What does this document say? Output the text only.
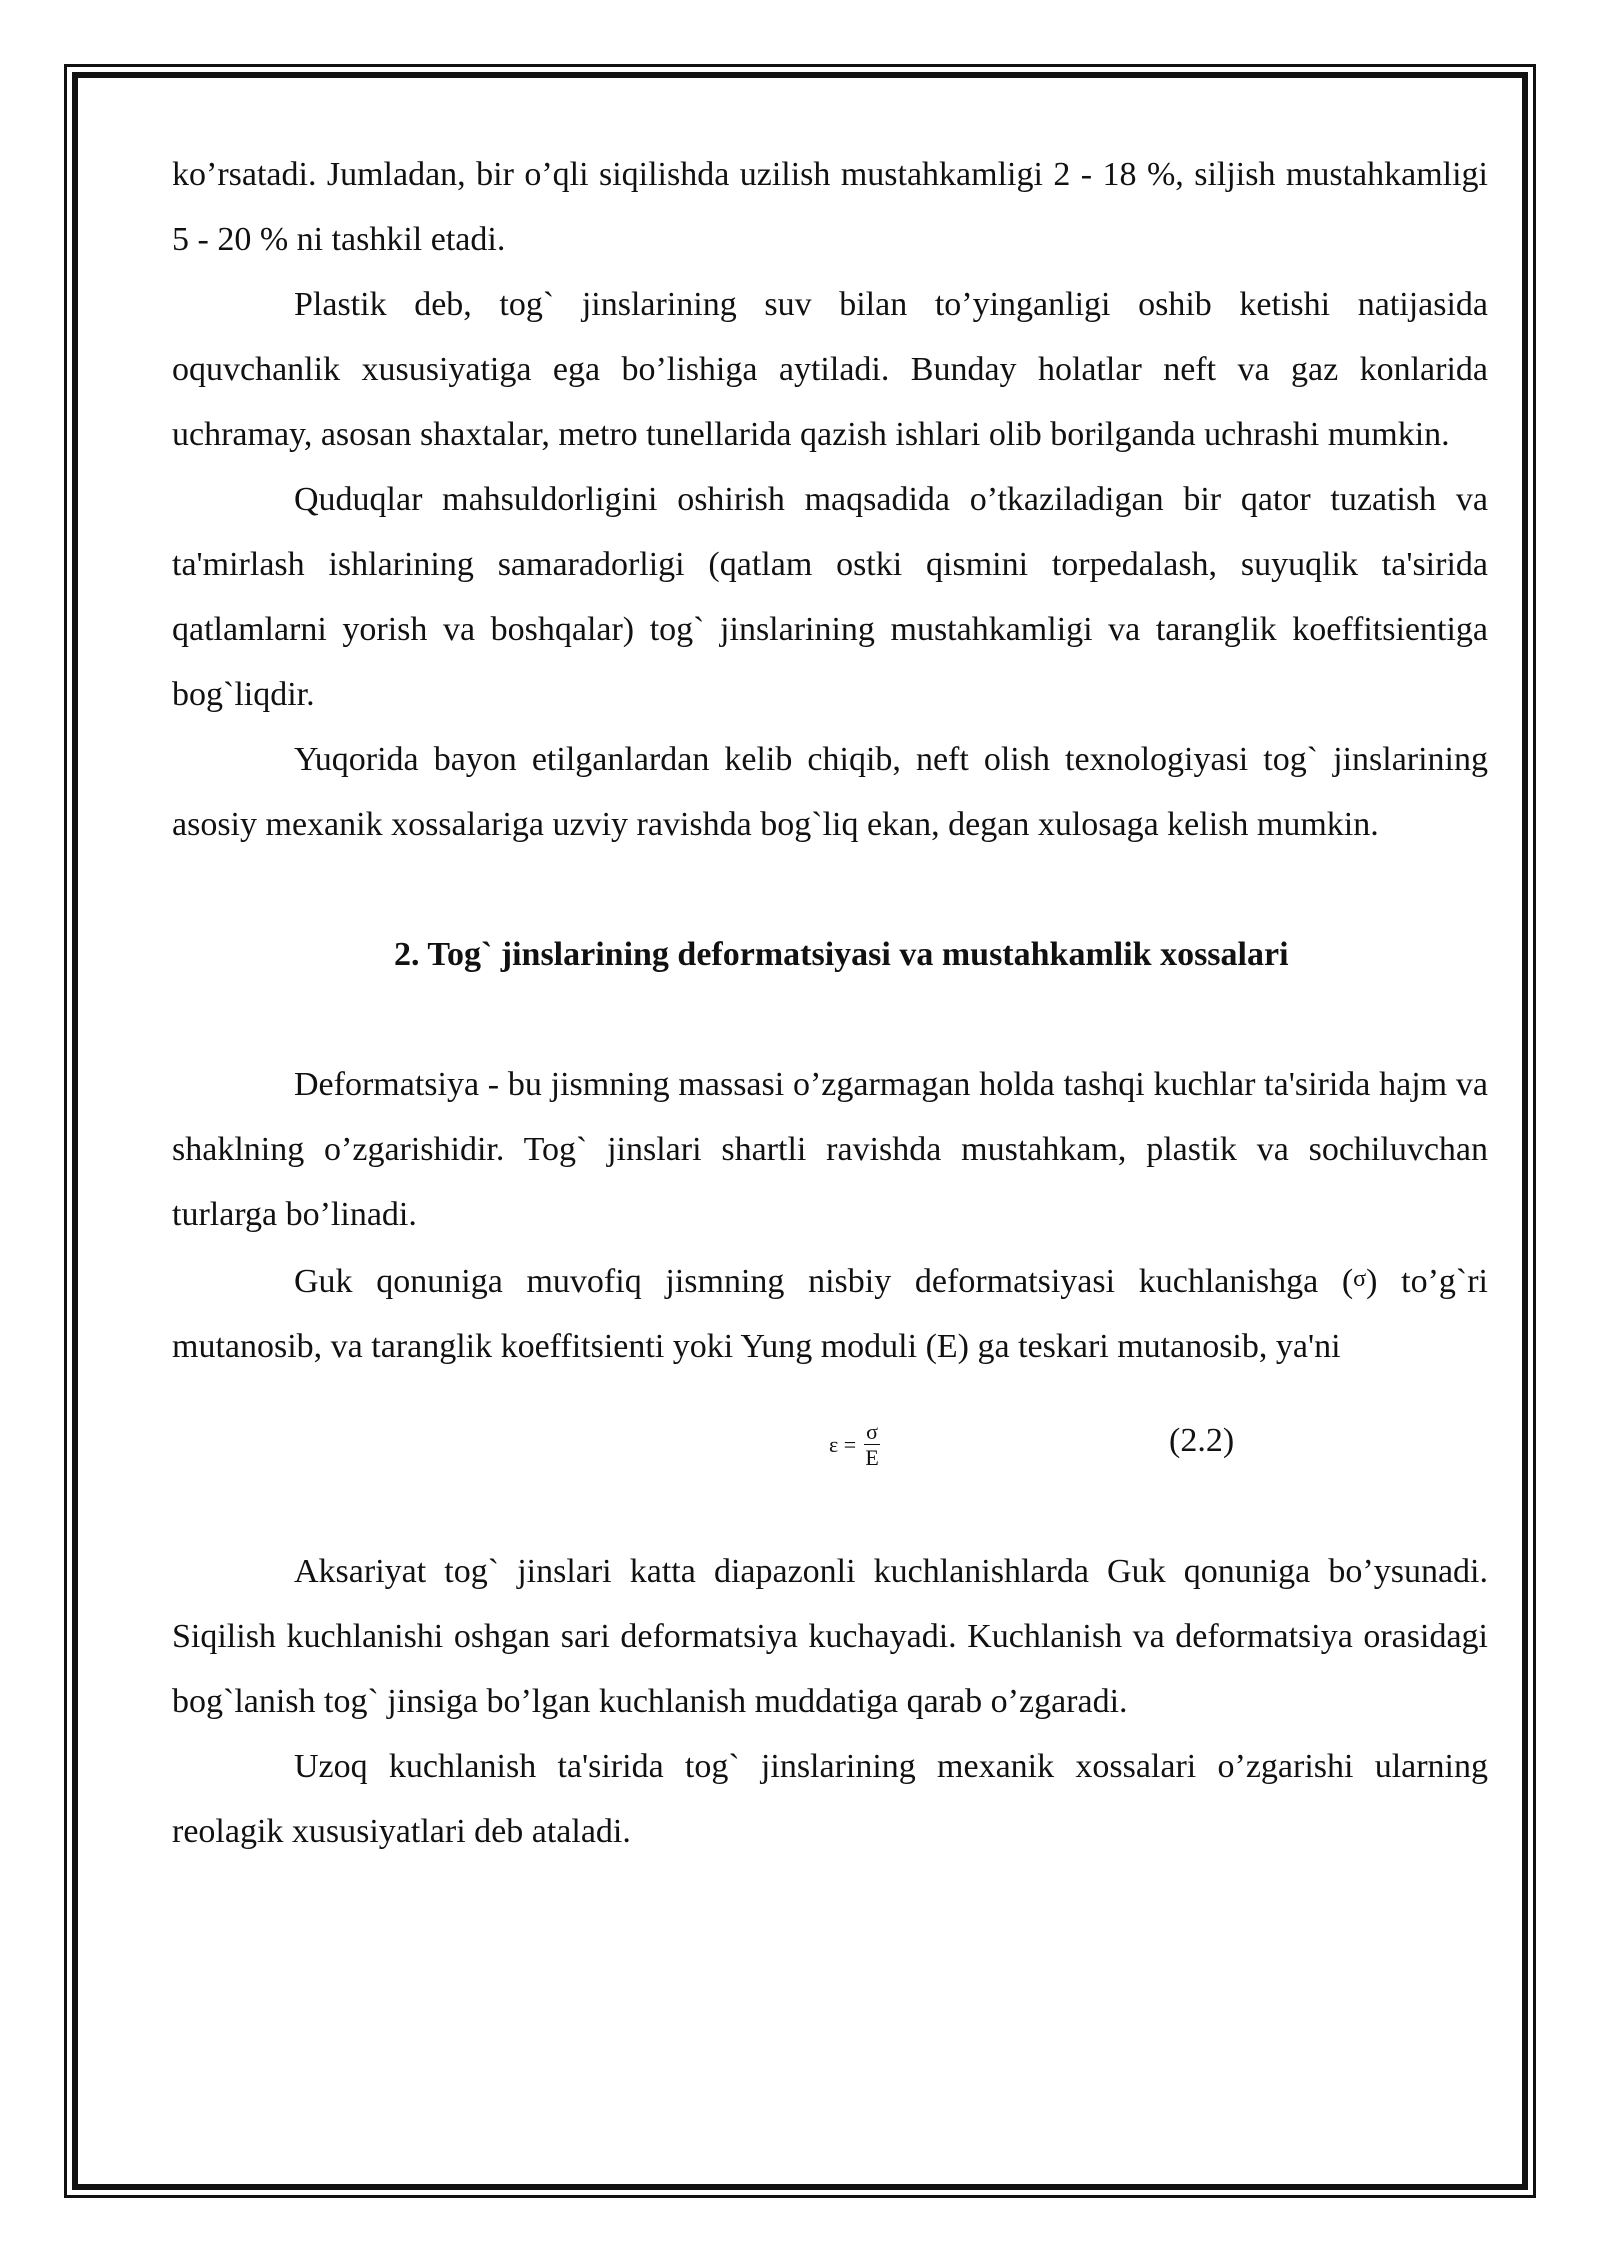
ko’rsatadi. Jumladan, bir o’qli siqilishda uzilish mustahkamligi 2 - 18 %, siljish mustahkamligi 5 - 20 % ni tashkil etadi.

Plastik deb, tog` jinslarining suv bilan to’yinganligi oshib ketishi natijasida oquvchanlik xususiyatiga ega bo’lishiga aytiladi. Bunday holatlar neft va gaz konlarida uchramay, asosan shaxtalar, metro tunellarida qazish ishlari olib borilganda uchrashi mumkin.

Quduqlar mahsuldorligini oshirish maqsadida o’tkaziladigan bir qator tuzatish va ta'mirlash ishlarining samaradorligi (qatlam ostki qismini torpedalash, suyuqlik ta'sirida qatlamlarni yorish va boshqalar) tog` jinslarining mustahkamligi va taranglik koeffitsientiga bog`liqdir.

Yuqorida bayon etilganlardan kelib chiqib, neft olish texnologiyasi tog` jinslarining asosiy mexanik xossalariga uzviy ravishda bog`liq ekan, degan xulosaga kelish mumkin.

2. Tog` jinslarining deformatsiyasi va mustahkamlik xossalari

Deformatsiya - bu jismning massasi o’zgarmagan holda tashqi kuchlar ta'sirida hajm va shaklning o’zgarishidir. Tog` jinslari shartli ravishda mustahkam, plastik va sochiluvchan turlarga bo’linadi.

Guk qonuniga muvofiq jismning nisbiy deformatsiyasi kuchlanishga (σ) to’g`ri mutanosib, va taranglik koeffitsienti yoki Yung moduli (E) ga teskari mutanosib, ya'ni

$\varepsilon = \frac{\sigma}{E}$	(2.2)

Aksariyat tog` jinslari katta diapazonli kuchlanishlarda Guk qonuniga bo’ysunadi. Siqilish kuchlanishi oshgan sari deformatsiya kuchayadi. Kuchlanish va deformatsiya orasidagi bog`lanish tog` jinsiga bo’lgan kuchlanish muddatiga qarab o’zgaradi.

Uzoq kuchlanish ta'sirida tog` jinslarining mexanik xossalari o’zgarishi ularning reolagik xususiyatlari deb ataladi.
